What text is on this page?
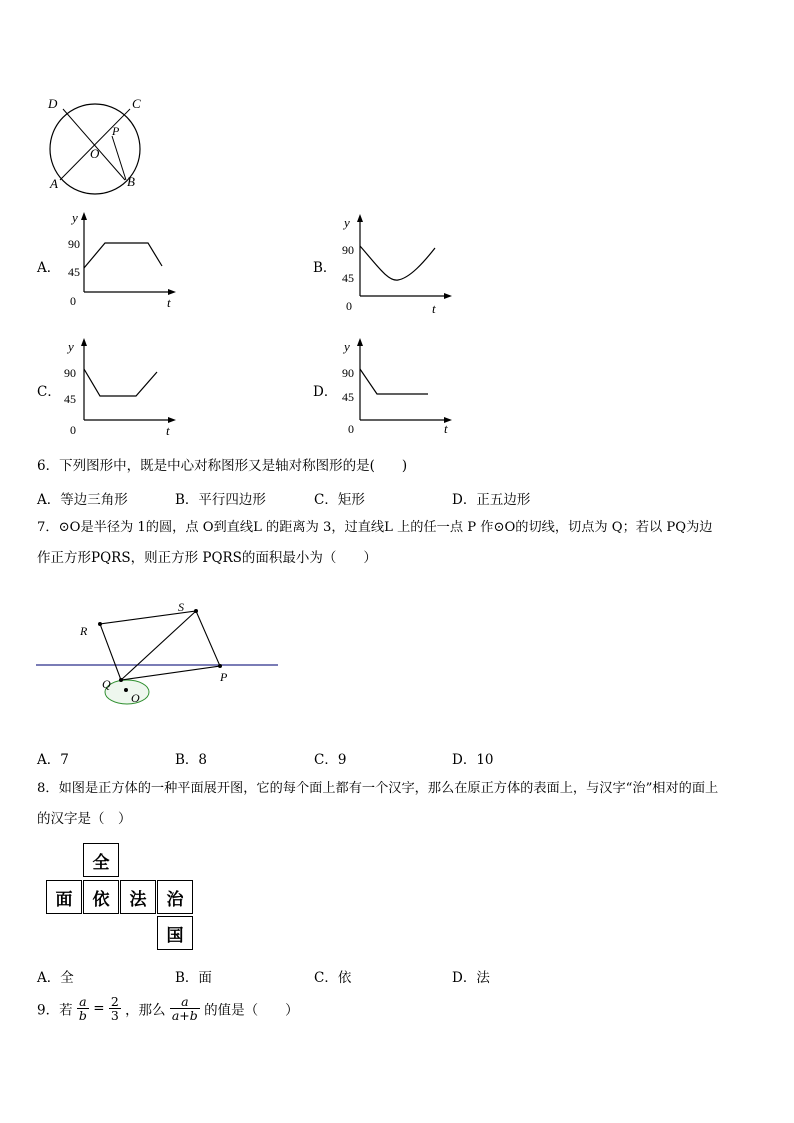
D	C
P
O
A	B
A．
y
90
45
0	t
B．
y
90
45
0	t
C．
y
90
45
0	t
D．
y
90
45
0	t
6．下列图形中，既是中心对称图形又是轴对称图形的是(　　)
A．等边三角形	B．平行四边形	C．矩形	D．正五边形
7．⊙O是半径为 1的圆，点 O到直线L 的距离为 3，过直线L 上的任一点 P 作⊙O的切线，切点为 Q；若以 PQ为边
作正方形PQRS，则正方形 PQRS的面积最小为（　　）
R
S
Q
O
P
A．7	B．8	C．9	D．10
8．如图是正方体的一种平面展开图，它的每个面上都有一个汉字，那么在原正方体的表面上，与汉字“治”相对的面上
的汉字是（　）
全
面	依	法	治
国
A．全	B．面	C．依	D．法
9．若 $\frac{a}{b} = \frac{2}{3}$ ，那么 $\frac{a}{a+b}$ 的值是（　　）
